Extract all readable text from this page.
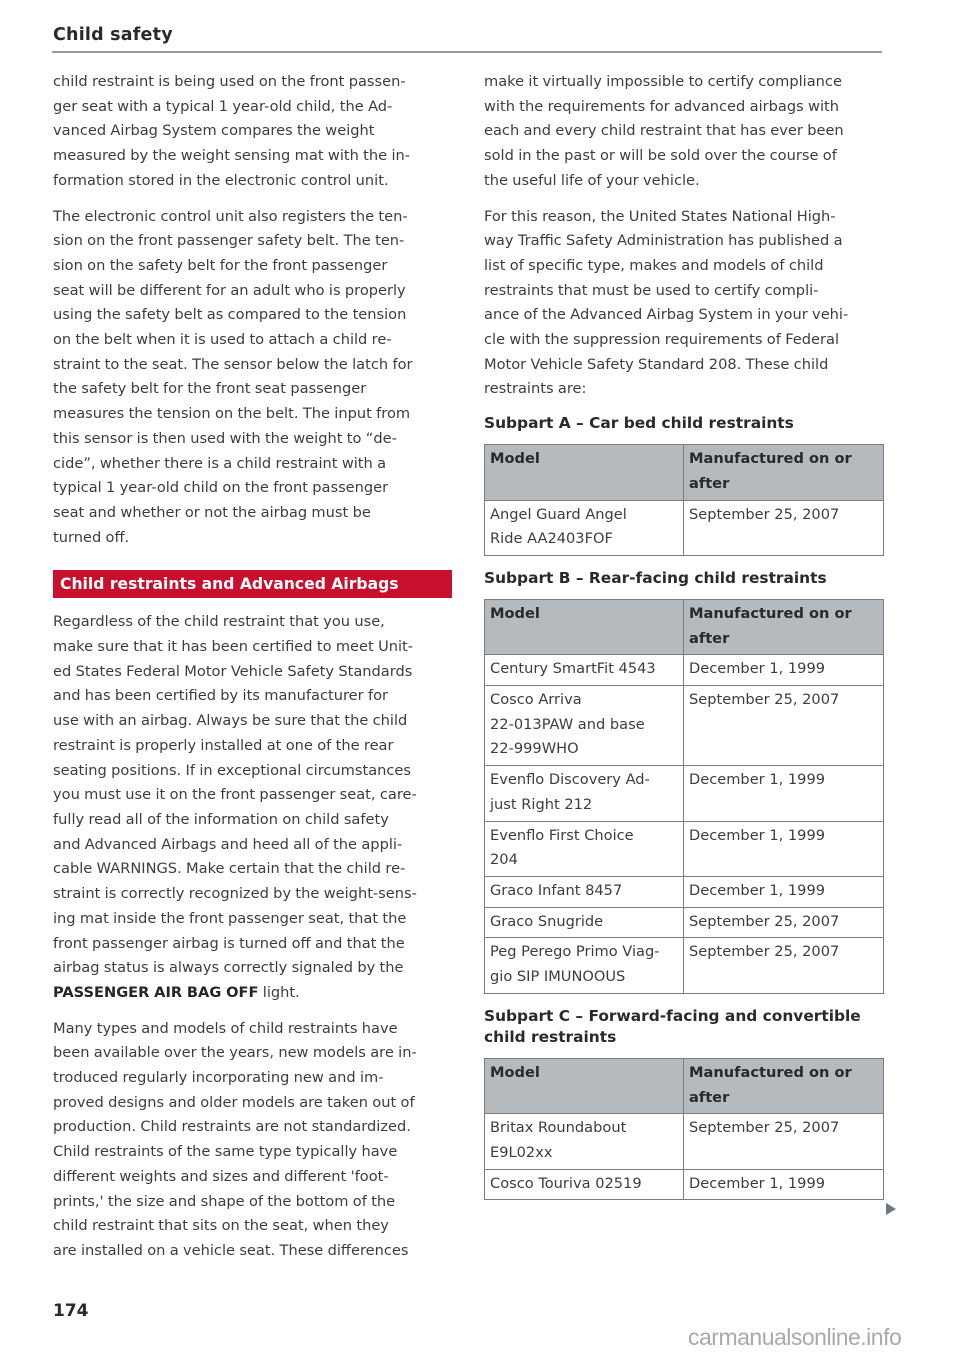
Child safety

child restraint is being used on the front passen-
ger seat with a typical 1 year-old child, the Ad-
vanced Airbag System compares the weight
measured by the weight sensing mat with the in-
formation stored in the electronic control unit.

The electronic control unit also registers the ten-
sion on the front passenger safety belt. The ten-
sion on the safety belt for the front passenger
seat will be different for an adult who is properly
using the safety belt as compared to the tension
on the belt when it is used to attach a child re-
straint to the seat. The sensor below the latch for
the safety belt for the front seat passenger
measures the tension on the belt. The input from
this sensor is then used with the weight to “de-
cide”, whether there is a child restraint with a
typical 1 year-old child on the front passenger
seat and whether or not the airbag must be
turned off.

Child restraints and Advanced Airbags

Regardless of the child restraint that you use,
make sure that it has been certified to meet Unit-
ed States Federal Motor Vehicle Safety Standards
and has been certified by its manufacturer for
use with an airbag. Always be sure that the child
restraint is properly installed at one of the rear
seating positions. If in exceptional circumstances
you must use it on the front passenger seat, care-
fully read all of the information on child safety
and Advanced Airbags and heed all of the appli-
cable WARNINGS. Make certain that the child re-
straint is correctly recognized by the weight-sens-
ing mat inside the front passenger seat, that the
front passenger airbag is turned off and that the
airbag status is always correctly signaled by the
PASSENGER AIR BAG OFF light.

Many types and models of child restraints have
been available over the years, new models are in-
troduced regularly incorporating new and im-
proved designs and older models are taken out of
production. Child restraints are not standardized.
Child restraints of the same type typically have
different weights and sizes and different 'foot-
prints,' the size and shape of the bottom of the
child restraint that sits on the seat, when they
are installed on a vehicle seat. These differences

make it virtually impossible to certify compliance
with the requirements for advanced airbags with
each and every child restraint that has ever been
sold in the past or will be sold over the course of
the useful life of your vehicle.

For this reason, the United States National High-
way Traffic Safety Administration has published a
list of specific type, makes and models of child
restraints that must be used to certify compli-
ance of the Advanced Airbag System in your vehi-
cle with the suppression requirements of Federal
Motor Vehicle Safety Standard 208. These child
restraints are:

Subpart A – Car bed child restraints
Model	Manufactured on or
after

Angel Guard Angel
Ride AA2403FOF	September 25, 2007
Subpart B – Rear-facing child restraints
Model	Manufactured on or
after

Century SmartFit 4543	December 1, 1999

Cosco Arriva
22-013PAW and base
22-999WHO	September 25, 2007

Evenflo Discovery Ad-
just Right 212	December 1, 1999

Evenflo First Choice
204	December 1, 1999

Graco Infant 8457	December 1, 1999

Graco Snugride	September 25, 2007

Peg Perego Primo Viag-
gio SIP IMUNOOUS	September 25, 2007
Subpart C – Forward-facing and convertible
child restraints
Model	Manufactured on or
after

Britax Roundabout
E9L02xx	September 25, 2007

Cosco Touriva 02519	December 1, 1999
174
carmanualsonline.info
